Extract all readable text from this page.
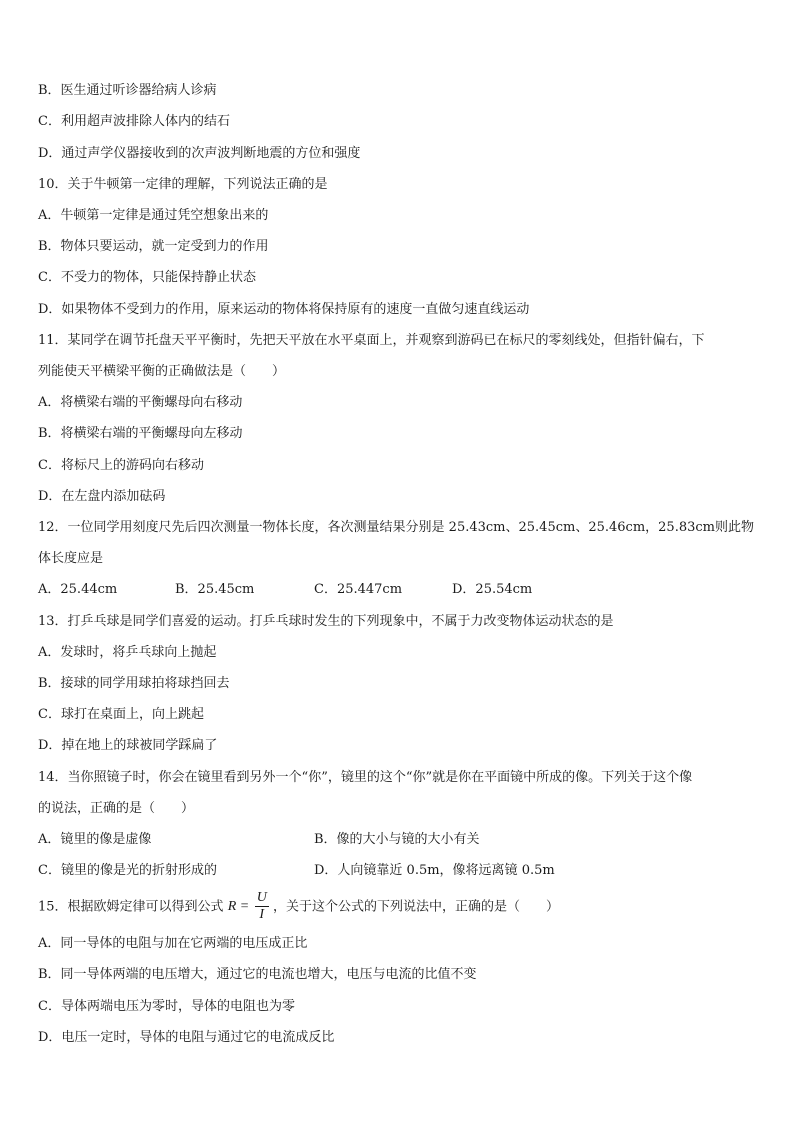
B．医生通过听诊器给病人诊病
C．利用超声波排除人体内的结石
D．通过声学仪器接收到的次声波判断地震的方位和强度
10．关于牛顿第一定律的理解，下列说法正确的是
A．牛顿第一定律是通过凭空想象出来的
B．物体只要运动，就一定受到力的作用
C．不受力的物体，只能保持静止状态
D．如果物体不受到力的作用，原来运动的物体将保持原有的速度一直做匀速直线运动
11．某同学在调节托盘天平平衡时，先把天平放在水平桌面上，并观察到游码已在标尺的零刻线处，但指针偏右，下
列能使天平横梁平衡的正确做法是（　　）
A．将横梁右端的平衡螺母向右移动
B．将横梁右端的平衡螺母向左移动
C．将标尺上的游码向右移动
D．在左盘内添加砝码
12．一位同学用刻度尺先后四次测量一物体长度，各次测量结果分别是 25.43cm、25.45cm、25.46cm，25.83cm则此物
体长度应是
A．25.44cm	B．25.45cm	C．25.447cm	D．25.54cm
13．打乒乓球是同学们喜爱的运动。打乒乓球时发生的下列现象中，不属于力改变物体运动状态的是
A．发球时，将乒乓球向上抛起
B．接球的同学用球拍将球挡回去
C．球打在桌面上，向上跳起
D．掉在地上的球被同学踩扁了
14．当你照镜子时，你会在镜里看到另外一个“你”，镜里的这个“你”就是你在平面镜中所成的像。下列关于这个像
的说法，正确的是（　　）
A．镜里的像是虚像	B．像的大小与镜的大小有关
C．镜里的像是光的折射形成的	D．人向镜靠近 0.5m，像将远离镜 0.5m
15．根据欧姆定律可以得到公式 $R = \frac{U}{I}$ ，关于这个公式的下列说法中，正确的是（　　）
A．同一导体的电阻与加在它两端的电压成正比
B．同一导体两端的电压增大，通过它的电流也增大，电压与电流的比值不变
C．导体两端电压为零时，导体的电阻也为零
D．电压一定时，导体的电阻与通过它的电流成反比
